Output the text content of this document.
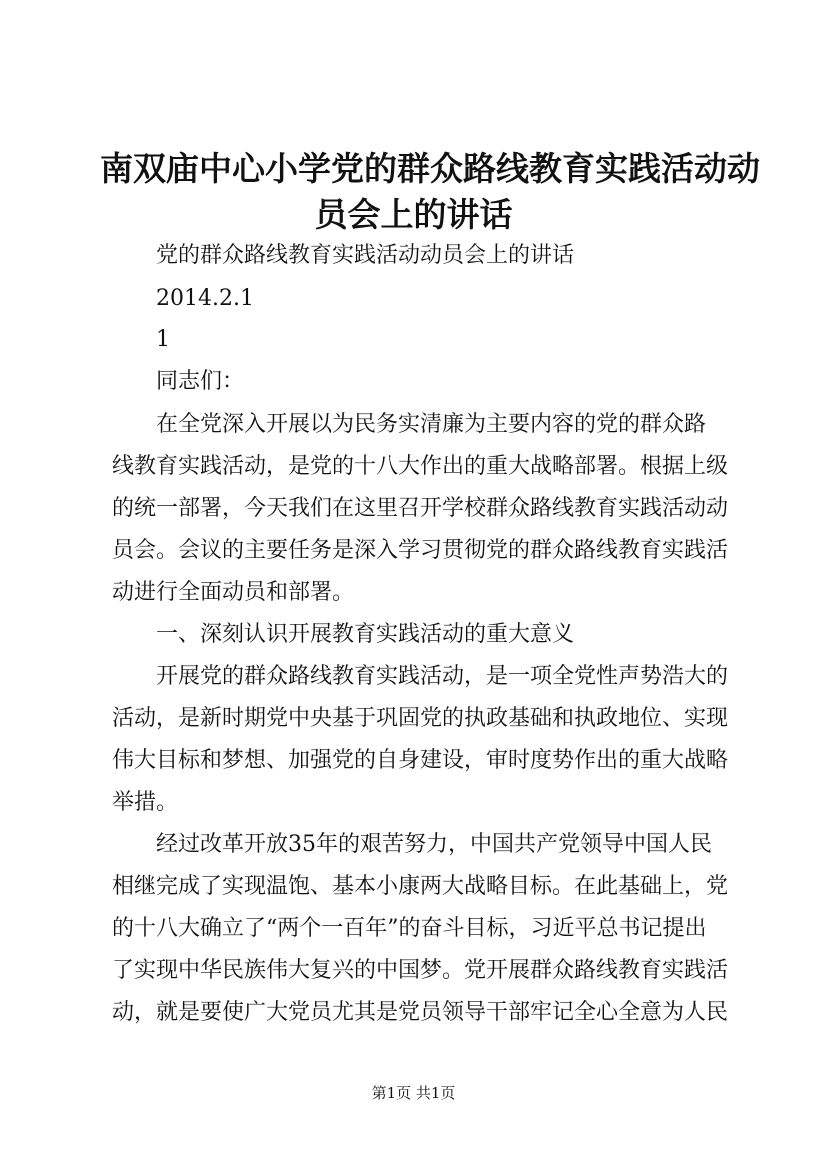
南双庙中心小学党的群众路线教育实践活动动
员会上的讲话
党的群众路线教育实践活动动员会上的讲话
2014.2.1
1
同志们：
在全党深入开展以为民务实清廉为主要内容的党的群众路
线教育实践活动，是党的十八大作出的重大战略部署。根据上级
的统一部署，今天我们在这里召开学校群众路线教育实践活动动
员会。会议的主要任务是深入学习贯彻党的群众路线教育实践活
动进行全面动员和部署。
一、深刻认识开展教育实践活动的重大意义
开展党的群众路线教育实践活动，是一项全党性声势浩大的
活动，是新时期党中央基于巩固党的执政基础和执政地位、实现
伟大目标和梦想、加强党的自身建设，审时度势作出的重大战略
举措。
经过改革开放35年的艰苦努力，中国共产党领导中国人民
相继完成了实现温饱、基本小康两大战略目标。在此基础上，党
的十八大确立了“两个一百年”的奋斗目标，习近平总书记提出
了实现中华民族伟大复兴的中国梦。党开展群众路线教育实践活
动，就是要使广大党员尤其是党员领导干部牢记全心全意为人民
第1页 共1页
